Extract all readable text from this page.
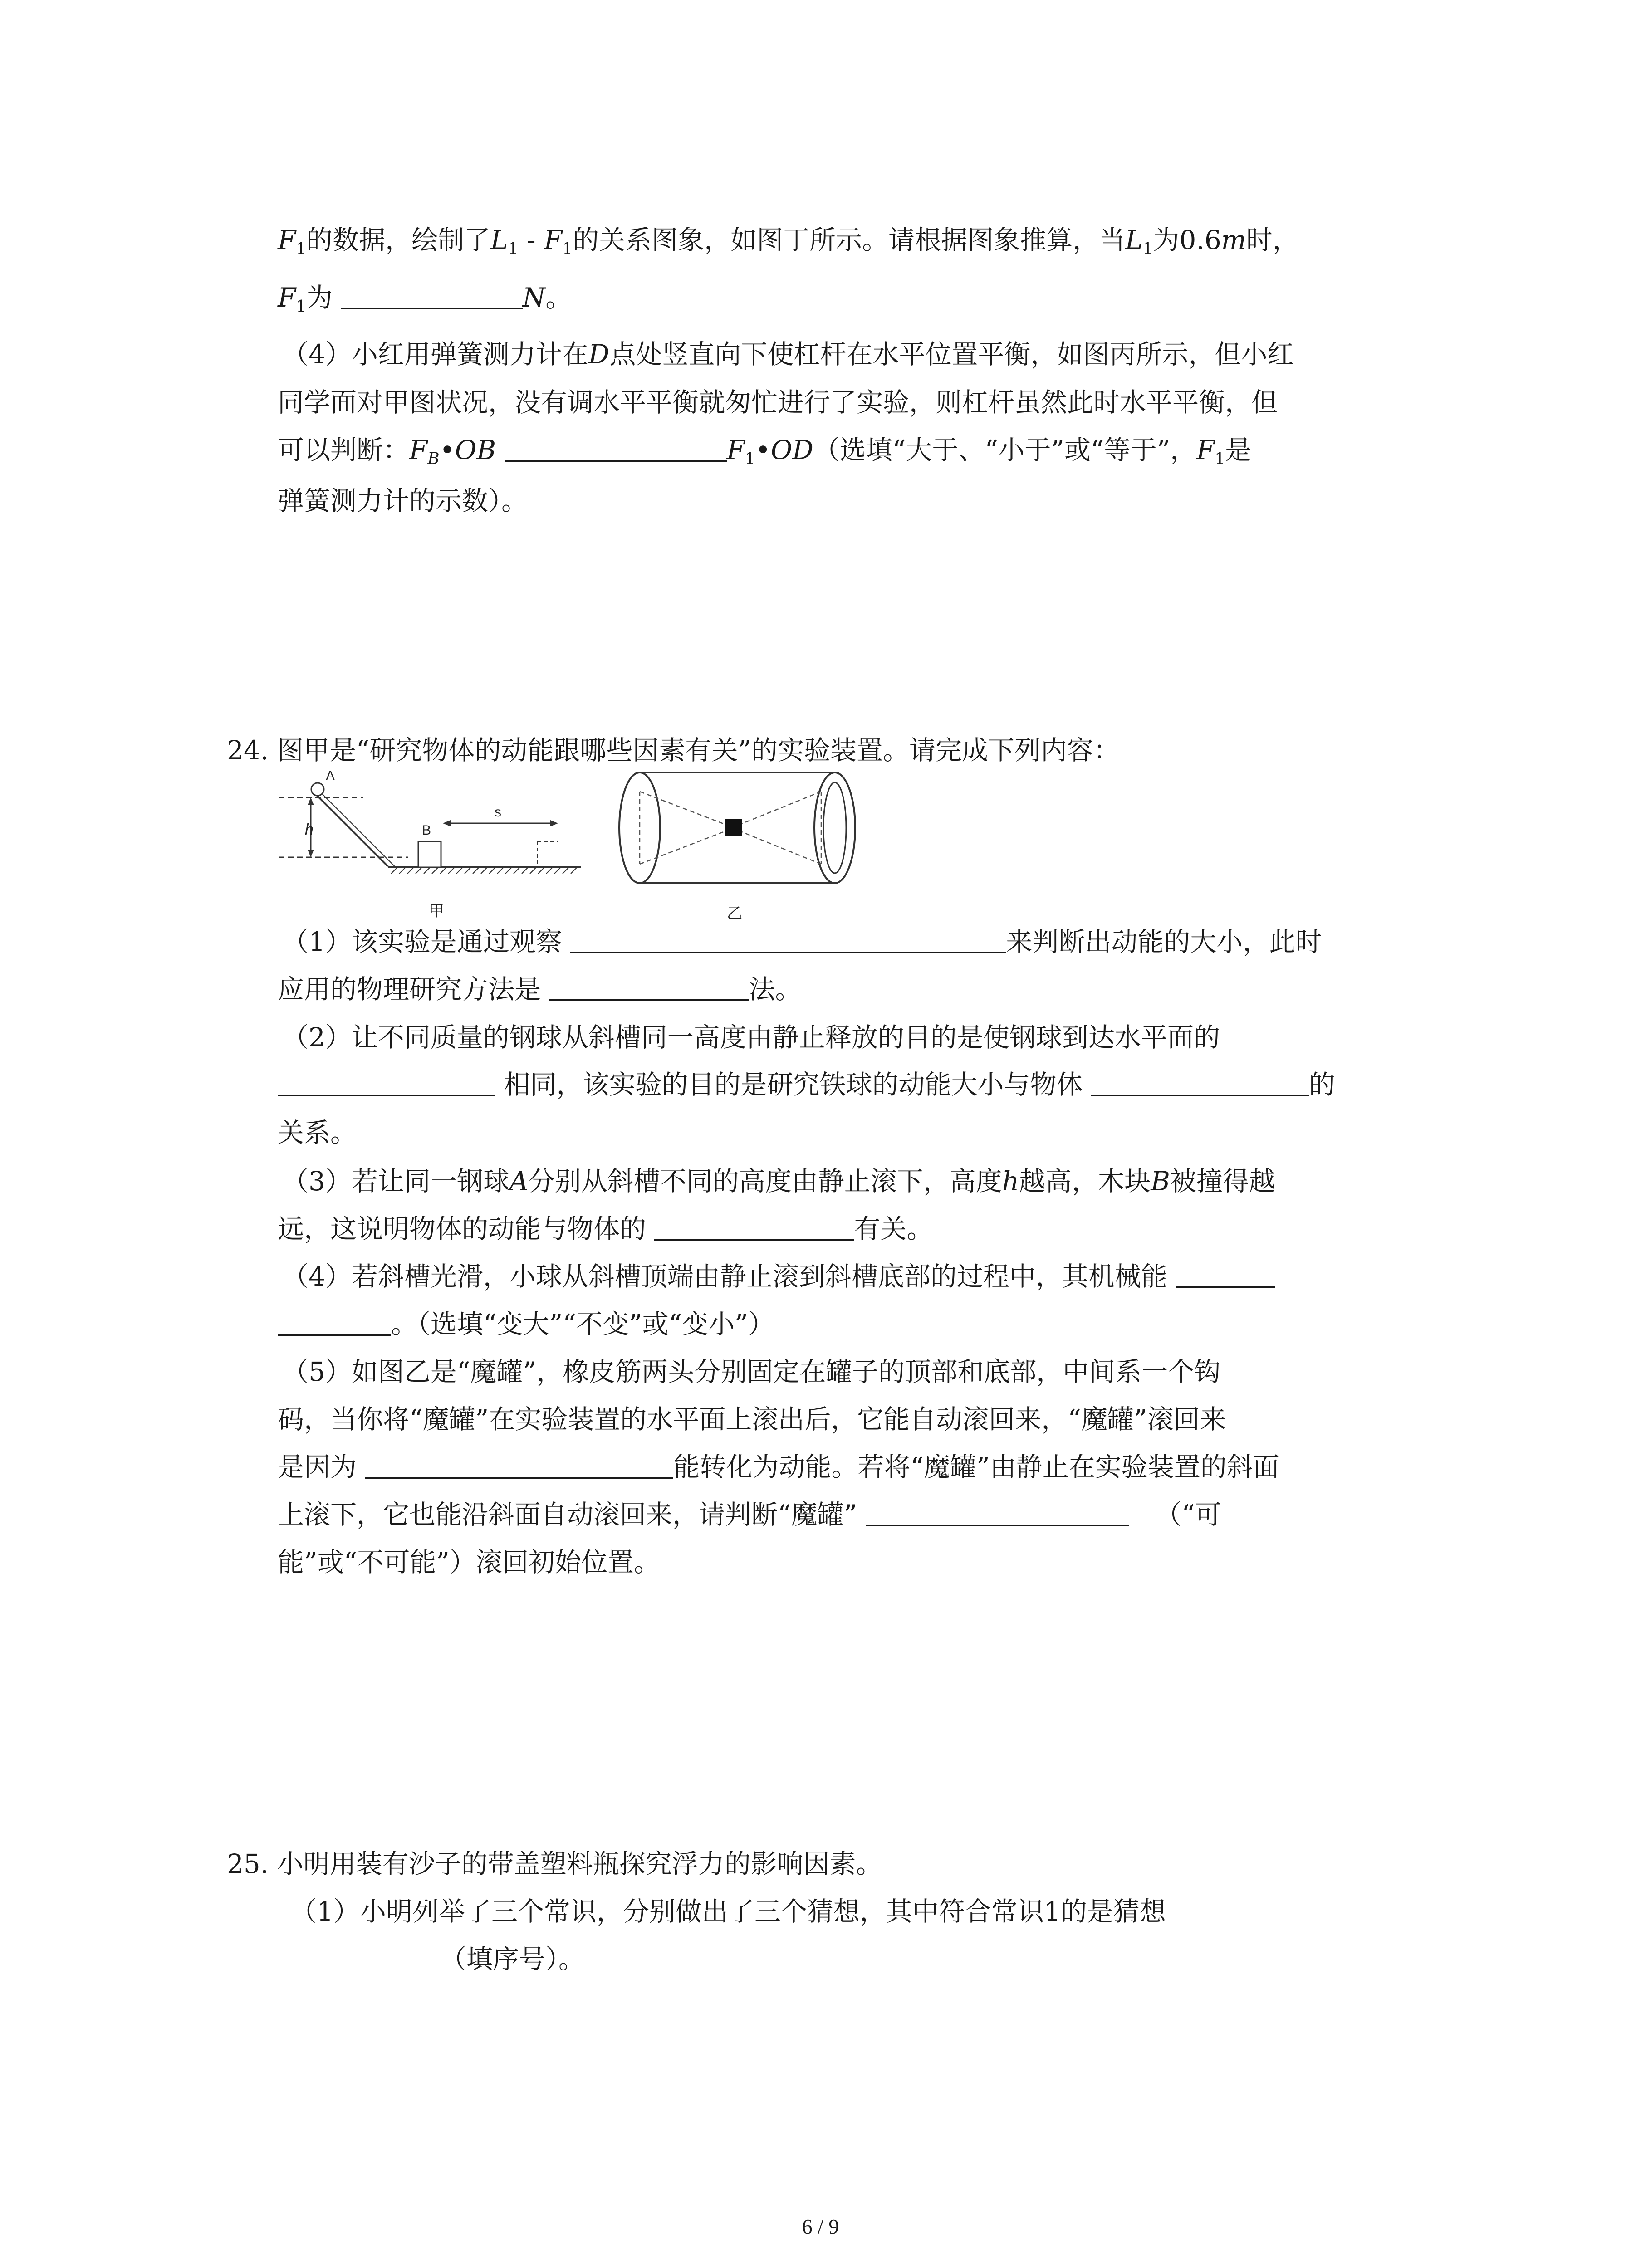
$F_1$的数据，绘制了$L_1 - F_1$的关系图象，如图丁所示。请根据图象推算，当$L_1$为0.6m时，
$F_1$为	N。
（4）小红用弹簧测力计在D点处竖直向下使杠杆在水平位置平衡，如图丙所示，但小红
同学面对甲图状况，没有调水平平衡就匆忙进行了实验，则杠杆虽然此时水平平衡，但
可以判断：$F_B•OB$	$F_1•OD$（选填“大于、“小于”或“等于”，$F_1$是
弹簧测力计的示数）。
24. 图甲是“研究物体的动能跟哪些因素有关”的实验装置。请完成下列内容：
h
A
B
s
甲	乙
（1）该实验是通过观察	来判断出动能的大小，此时
应用的物理研究方法是	法。
（2）让不同质量的钢球从斜槽同一高度由静止释放的目的是使钢球到达水平面的
相同，该实验的目的是研究铁球的动能大小与物体	的
关系。
（3）若让同一钢球A分别从斜槽不同的高度由静止滚下，高度h越高，木块B被撞得越
远，这说明物体的动能与物体的	有关。
（4）若斜槽光滑，小球从斜槽顶端由静止滚到斜槽底部的过程中，其机械能
。（选填“变大”“不变”或“变小”）
（5）如图乙是“魔罐”，橡皮筋两头分别固定在罐子的顶部和底部，中间系一个钩
码，当你将“魔罐”在实验装置的水平面上滚出后，它能自动滚回来，“魔罐”滚回来
是因为	能转化为动能。若将“魔罐”由静止在实验装置的斜面
上滚下，它也能沿斜面自动滚回来，请判断“魔罐”	（“可
能”或“不可能”）滚回初始位置。
25. 小明用装有沙子的带盖塑料瓶探究浮力的影响因素。
（1）小明列举了三个常识，分别做出了三个猜想，其中符合常识1的是猜想
（填序号）。
6 / 9
